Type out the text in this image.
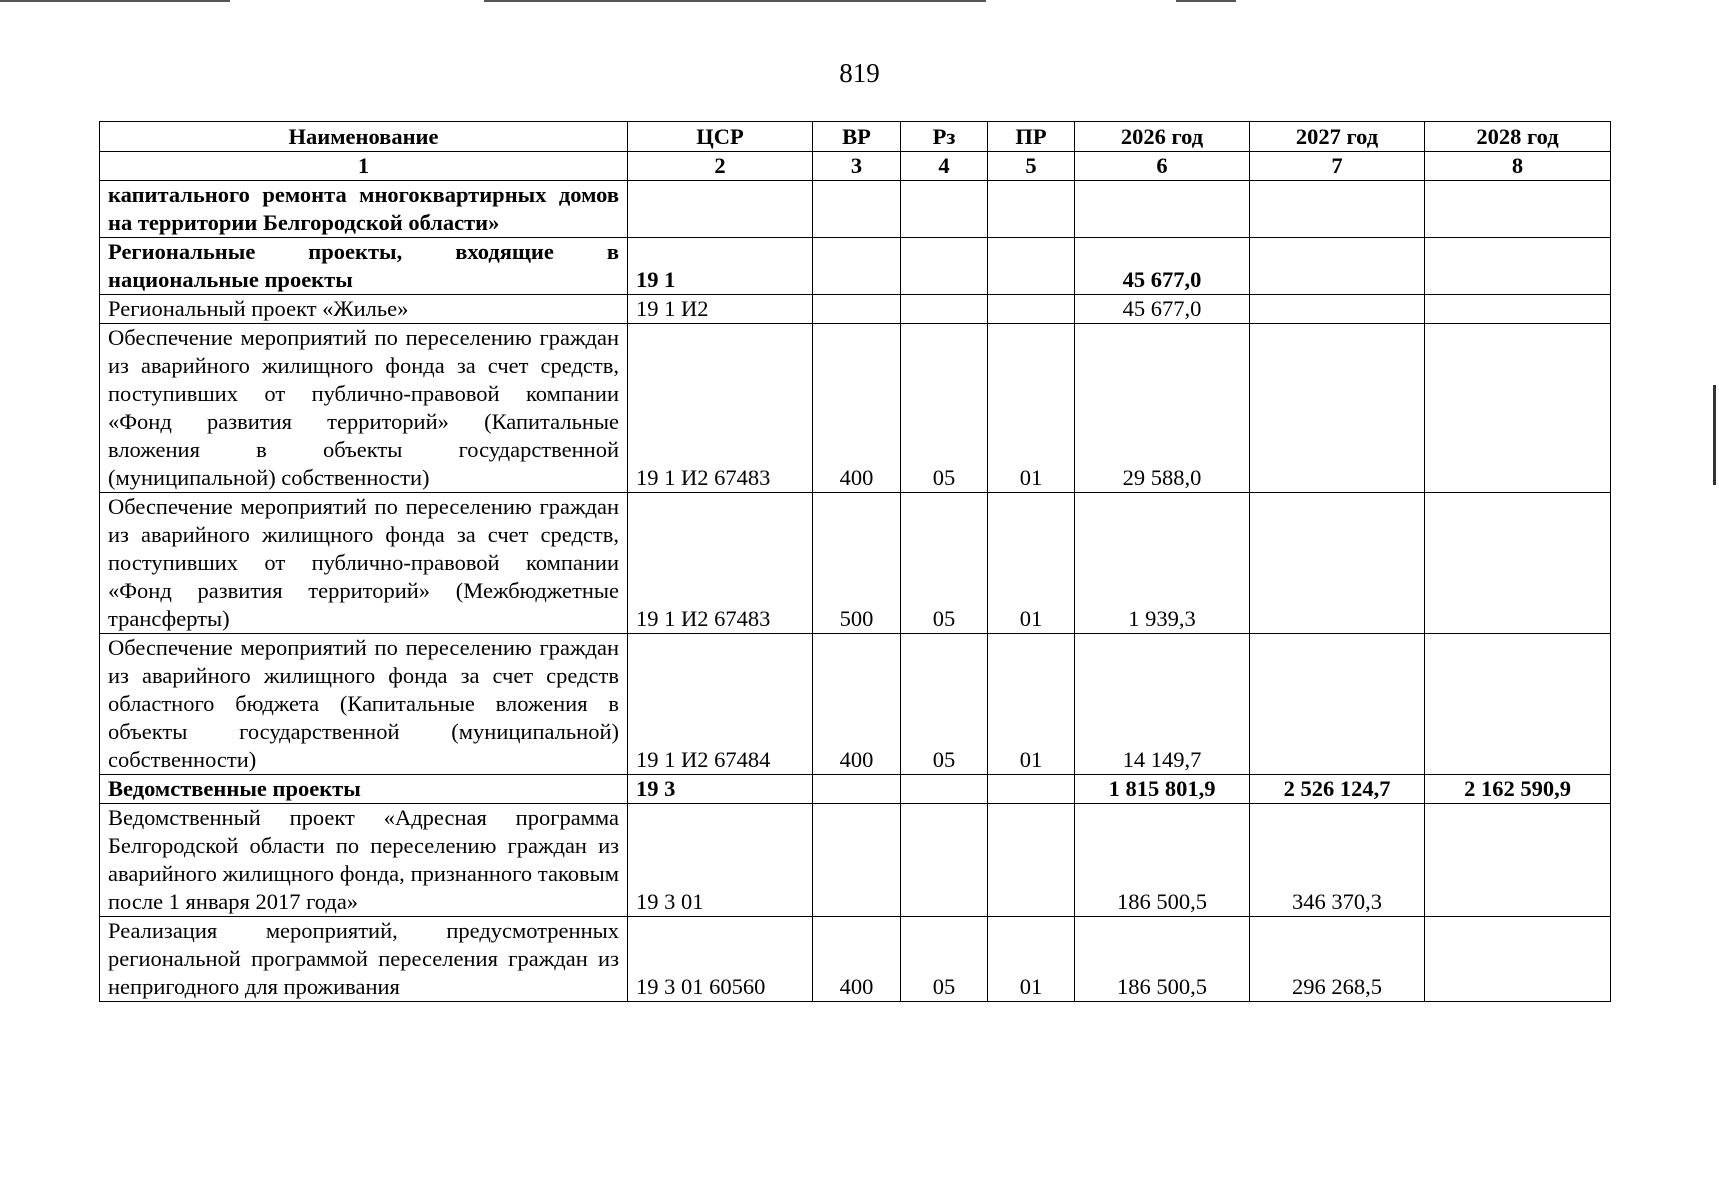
819
Наименование	ЦСР	ВР	Рз	ПР	2026 год	2027 год	2028 год
1	2	3	4	5	6	7	8
капитального ремонта многоквартирных домов на территории Белгородской области»							
Региональные проекты, входящие в национальные проекты	19 1				45 677,0		
Региональный проект «Жилье»	19 1 И2				45 677,0		
Обеспечение мероприятий по переселению граждан из аварийного жилищного фонда за счет средств, поступивших от публично-правовой компании «Фонд развития территорий» (Капитальные вложения в объекты государственной (муниципальной) собственности)	19 1 И2 67483	400	05	01	29 588,0		
Обеспечение мероприятий по переселению граждан из аварийного жилищного фонда за счет средств, поступивших от публично-правовой компании «Фонд развития территорий» (Межбюджетные трансферты)	19 1 И2 67483	500	05	01	1 939,3		
Обеспечение мероприятий по переселению граждан из аварийного жилищного фонда за счет средств областного бюджета (Капитальные вложения в объекты государственной (муниципальной) собственности)	19 1 И2 67484	400	05	01	14 149,7		
Ведомственные проекты	19 3				1 815 801,9	2 526 124,7	2 162 590,9
Ведомственный проект «Адресная программа Белгородской области по переселению граждан из аварийного жилищного фонда, признанного таковым после 1 января 2017 года»	19 3 01				186 500,5	346 370,3	
Реализация мероприятий, предусмотренных региональной программой переселения граждан из непригодного для проживания	19 3 01 60560	400	05	01	186 500,5	296 268,5	
